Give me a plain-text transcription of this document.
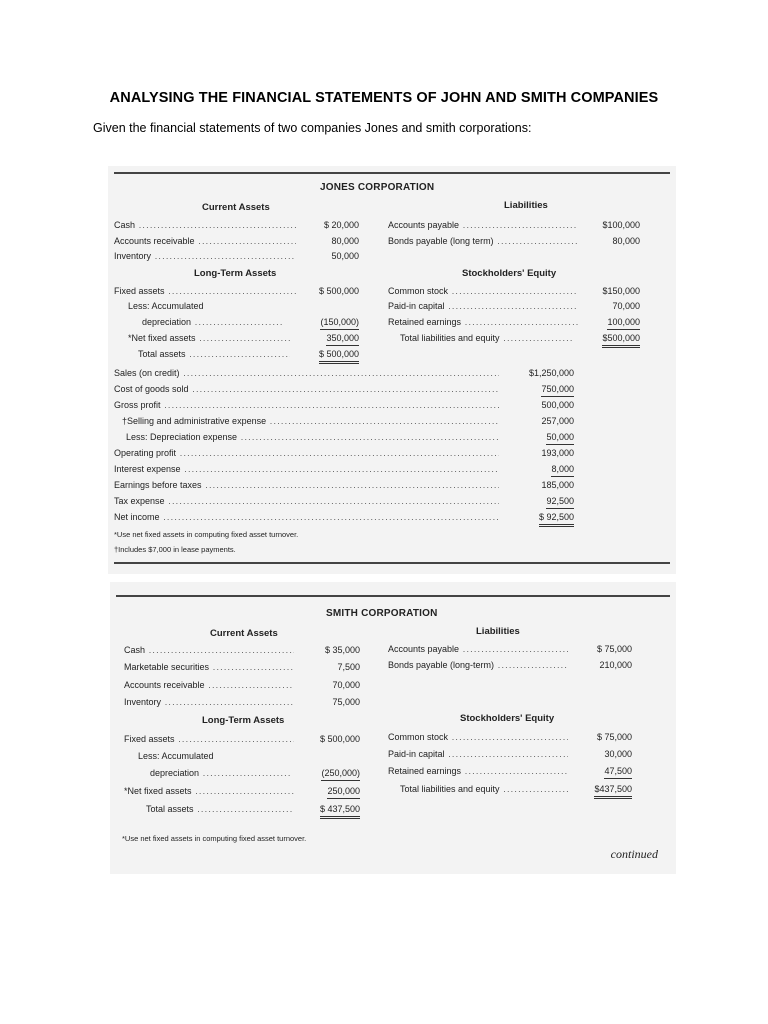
ANALYSING THE FINANCIAL STATEMENTS OF JOHN AND SMITH COMPANIES
Given the financial statements of two companies Jones and smith corporations:
JONES CORPORATION
Current Assets	Liabilities
Cash .....	$ 20,000
Accounts receivable .....	80,000
Inventory .....	50,000
Long-Term Assets	Stockholders' Equity
Fixed assets .....	$ 500,000
Less: Accumulated
depreciation .....	(150,000)
*Net fixed assets .....	350,000
Total assets .....	$ 500,000
Accounts payable .....	$100,000
Bonds payable (long term) .....	80,000
Common stock .....	$150,000
Paid-in capital .....	70,000
Retained earnings .....	100,000
Total liabilities and equity .....	$500,000
Sales (on credit) .....	$1,250,000
Cost of goods sold .....	750,000
Gross profit .....	500,000
†Selling and administrative expense .....	257,000
Less: Depreciation expense .....	50,000
Operating profit .....	193,000
Interest expense .....	8,000
Earnings before taxes .....	185,000
Tax expense .....	92,500
Net income .....	$ 92,500
*Use net fixed assets in computing fixed asset turnover.
†Includes $7,000 in lease payments.
SMITH CORPORATION
Current Assets	Liabilities
Cash .....	$ 35,000
Marketable securities .....	7,500
Accounts receivable .....	70,000
Inventory .....	75,000
Long-Term Assets	Stockholders' Equity
Fixed assets .....	$ 500,000
Less: Accumulated
depreciation .....	(250,000)
*Net fixed assets .....	250,000
Total assets .....	$ 437,500
Accounts payable .....	$ 75,000
Bonds payable (long-term) .....	210,000
Common stock .....	$ 75,000
Paid-in capital .....	30,000
Retained earnings .....	47,500
Total liabilities and equity .....	$437,500
*Use net fixed assets in computing fixed asset turnover.
continued
